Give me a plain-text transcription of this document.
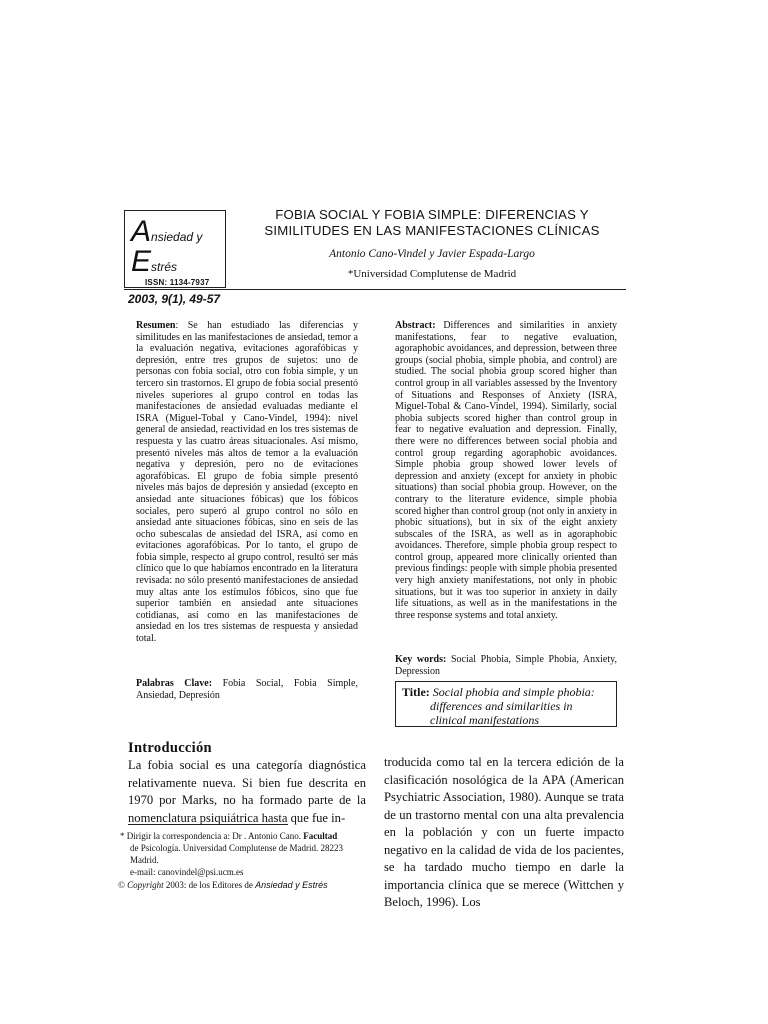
Ansiedad y
Estrés
ISSN: 1134-7937
2003, 9(1), 49-57
FOBIA SOCIAL Y FOBIA SIMPLE: DIFERENCIAS Y
SIMILITUDES EN LAS MANIFESTACIONES CLÍNICAS
Antonio Cano-Vindel y Javier Espada-Largo
*Universidad Complutense de Madrid

Resumen: Se han estudiado las diferencias y similitudes en las manifestaciones de ansiedad, temor a la evaluación negativa, evitaciones agorafóbicas y depresión, entre tres grupos de sujetos: uno de personas con fobia social, otro con fobia simple, y un tercero sin trastornos. El grupo de fobia social presentó niveles superiores al grupo control en todas las manifestaciones de ansiedad evaluadas mediante el ISRA (Miguel-Tobal y Cano-Vindel, 1994): nivel general de ansiedad, reactividad en los tres sistemas de respuesta y las cuatro áreas situacionales. Así mismo, presentó niveles más altos de temor a la evaluación negativa y depresión, pero no de evitaciones agorafóbicas. El grupo de fobia simple presentó niveles más bajos de depresión y ansiedad (excepto en ansiedad ante situaciones fóbicas) que los fóbicos sociales, pero superó al grupo control no sólo en ansiedad ante situaciones fóbicas, sino en seis de las ocho subescalas de ansiedad del ISRA, así como en evitaciones agorafóbicas. Por lo tanto, el grupo de fobia simple, respecto al grupo control, resultó ser más clínico que lo que habíamos encontrado en la literatura revisada: no sólo presentó manifestaciones de ansiedad muy altas ante los estímulos fóbicos, sino que fue superior también en ansiedad ante situaciones cotidianas, así como en las manifestaciones de ansiedad en los tres sistemas de respuesta y ansiedad total.

Palabras Clave: Fobia Social, Fobia Simple, Ansiedad, Depresión

Abstract: Differences and similarities in anxiety manifestations, fear to negative evaluation, agoraphobic avoidances, and depression, between three groups (social phobia, simple phobia, and control) are studied. The social phobia group scored higher than control group in all variables assessed by the Inventory of Situations and Responses of Anxiety (ISRA, Miguel-Tobal & Cano-Vindel, 1994). Similarly, social phobia subjects scored higher than control group in fear to negative evaluation and depression. Finally, there were no differences between social phobia and control group regarding agoraphobic avoidances. Simple phobia group showed lower levels of depression and anxiety (except for anxiety in phobic situations) than social phobia group. However, on the contrary to the literature evidence, simple phobia scored higher than control group (not only in anxiety in phobic situations), but in six of the eight anxiety subscales of the ISRA, as well as in agoraphobic avoidances. Therefore, simple phobia group respect to control group, appeared more clinically oriented than previous findings: people with simple phobia presented very high anxiety manifestations, not only in phobic situations, but it was too superior in anxiety in daily life situations, as well as in the manifestations in the three response systems and total anxiety.

Key words: Social Phobia, Simple Phobia, Anxiety, Depression

Title: Social phobia and simple phobia:
differences and similarities in
clinical manifestations
Introducción

La fobia social es una categoría diagnóstica relativamente nueva. Si bien fue descrita en 1970 por Marks, no ha formado parte de la nomenclatura psiquiátrica hasta que fue in-

troducida como tal en la tercera edición de la clasificación nosológica de la APA (American Psychiatric Association, 1980). Aunque se trata de un trastorno mental con una alta prevalencia en la población y con un fuerte impacto negativo en la calidad de vida de los pacientes, se ha tardado mucho tiempo en darle la importancia clínica que se merece (Wittchen y Beloch, 1996). Los

* Dirigir la correspondencia a: Dr . Antonio Cano. Facultad
de Psicología. Universidad Complutense de Madrid. 28223
Madrid.
e-mail: canovindel@psi.ucm.es
© Copyright 2003: de los Editores de Ansiedad y Estrés
